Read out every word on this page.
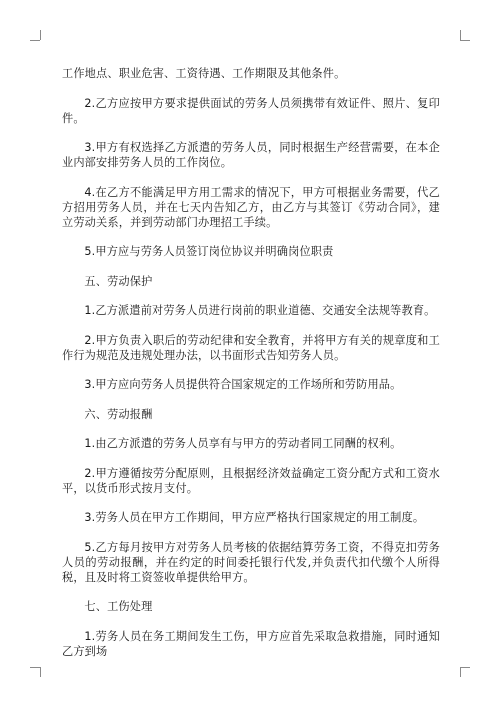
工作地点、职业危害、工资待遇、工作期限及其他条件。

2.乙方应按甲方要求提供面试的劳务人员须携带有效证件、照片、复印件。

3.甲方有权选择乙方派遣的劳务人员，同时根据生产经营需要，在本企业内部安排劳务人员的工作岗位。

4.在乙方不能满足甲方用工需求的情况下，甲方可根据业务需要，代乙方招用劳务人员，并在七天内告知乙方，由乙方与其签订《劳动合同》，建立劳动关系，并到劳动部门办理招工手续。

5.甲方应与劳务人员签订岗位协议并明确岗位职责

五、劳动保护

1.乙方派遣前对劳务人员进行岗前的职业道德、交通安全法规等教育。

2.甲方负责入职后的劳动纪律和安全教育，并将甲方有关的规章度和工作行为规范及违规处理办法，以书面形式告知劳务人员。

3.甲方应向劳务人员提供符合国家规定的工作场所和劳防用品。

六、劳动报酬

1.由乙方派遣的劳务人员享有与甲方的劳动者同工同酬的权利。

2.甲方遵循按劳分配原则，且根据经济效益确定工资分配方式和工资水平，以货币形式按月支付。

3.劳务人员在甲方工作期间，甲方应严格执行国家规定的用工制度。

5.乙方每月按甲方对劳务人员考核的依据结算劳务工资，不得克扣劳务人员的劳动报酬，并在约定的时间委托银行代发,并负责代扣代缴个人所得税，且及时将工资签收单提供给甲方。

七、工伤处理

1.劳务人员在务工期间发生工伤，甲方应首先采取急救措施，同时通知乙方到场
